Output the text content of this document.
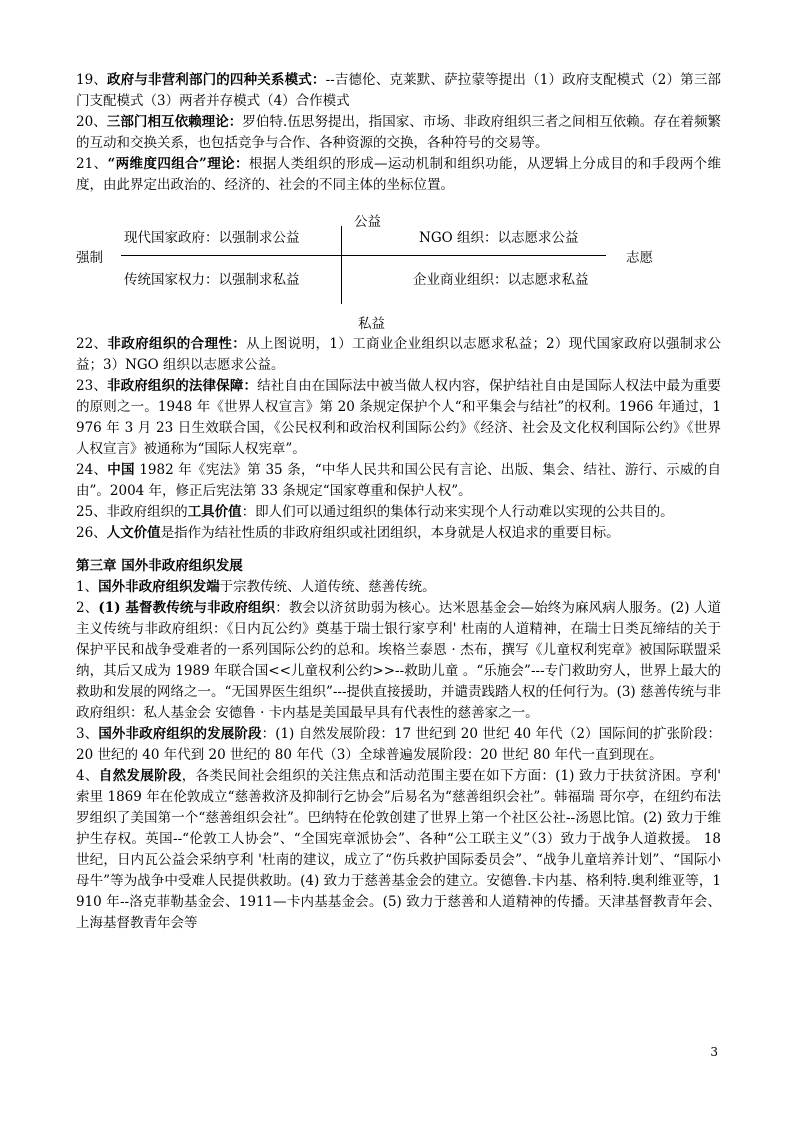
19、政府与非营利部门的四种关系模式：--吉德伦、克莱默、萨拉蒙等提出（1）政府支配模式（2）第三部门支配模式（3）两者并存模式（4）合作模式

20、三部门相互依赖理论：罗伯特.伍思努提出，指国家、市场、非政府组织三者之间相互依赖。存在着频繁的互动和交换关系，也包括竞争与合作、各种资源的交换，各种符号的交易等。

21、“两维度四组合”理论：根据人类组织的形成—运动机制和组织功能，从逻辑上分成目的和手段两个维度，由此界定出政治的、经济的、社会的不同主体的坐标位置。

公益
私益
强制	志愿
现代国家政府：以强制求公益	NGO 组织：以志愿求公益
传统国家权力：以强制求私益	企业商业组织：以志愿求私益

22、非政府组织的合理性：从上图说明，1）工商业企业组织以志愿求私益；2）现代国家政府以强制求公益；3）NGO 组织以志愿求公益。

23、非政府组织的法律保障：结社自由在国际法中被当做人权内容，保护结社自由是国际人权法中最为重要的原则之一。1948 年《世界人权宣言》第 20 条规定保护个人“和平集会与结社”的权利。1966 年通过，1976 年 3 月 23 日生效联合国，《公民权利和政治权利国际公约》《经济、社会及文化权利国际公约》《世界人权宣言》被通称为“国际人权宪章”。

24、中国 1982 年《宪法》第 35 条，“中华人民共和国公民有言论、出版、集会、结社、游行、示威的自由”。2004 年，修正后宪法第 33 条规定“国家尊重和保护人权”。

25、非政府组织的工具价值：即人们可以通过组织的集体行动来实现个人行动难以实现的公共目的。

26、人文价值是指作为结社性质的非政府组织或社团组织，本身就是人权追求的重要目标。

第三章 国外非政府组织发展

1、国外非政府组织发端于宗教传统、人道传统、慈善传统。

2、(1) 基督教传统与非政府组织：教会以济贫助弱为核心。达米恩基金会—始终为麻风病人服务。(2) 人道主义传统与非政府组织：《日内瓦公约》奠基于瑞士银行家亨利' 杜南的人道精神，在瑞士日类瓦缔结的关于保护平民和战争受难者的一系列国际公约的总和。埃格兰泰恩 · 杰布，撰写《儿童权利宪章》被国际联盟采纳，其后又成为 1989 年联合国<<儿童权利公约>>--救助儿童 。“乐施会”---专门救助穷人，世界上最大的救助和发展的网络之一。“无国界医生组织”---提供直接援助，并谴责践踏人权的任何行为。(3) 慈善传统与非政府组织：私人基金会 安德鲁 · 卡内基是美国最早具有代表性的慈善家之一。

3、国外非政府组织的发展阶段：(1) 自然发展阶段：17 世纪到 20 世纪 40 年代（2）国际间的扩张阶段：20 世纪的 40 年代到 20 世纪的 80 年代（3）全球普遍发展阶段：20 世纪 80 年代一直到现在。

4、自然发展阶段，各类民间社会组织的关注焦点和活动范围主要在如下方面：(1) 致力于扶贫济困。亨利' 索里 1869 年在伦敦成立“慈善救济及抑制行乞协会”后易名为“慈善组织会社”。韩福瑞 哥尔亭，在纽约布法罗组织了美国第一个“慈善组织会社”。巴纳特在伦敦创建了世界上第一个社区公社--汤恩比馆。(2) 致力于维护生存权。英国--“伦敦工人协会”、“全国宪章派协会”、各种“公工联主义”（3）致力于战争人道救援。 18 世纪，日内瓦公益会采纳亨利 '杜南的建议，成立了“伤兵救护国际委员会”、“战争儿童培养计划”、“国际小母牛”等为战争中受难人民提供救助。(4) 致力于慈善基金会的建立。安德鲁.卡内基、格利特.奥利维亚等，1910 年--洛克菲勒基金会、1911—卡内基基金会。(5) 致力于慈善和人道精神的传播。天津基督教青年会、上海基督教青年会等

3
